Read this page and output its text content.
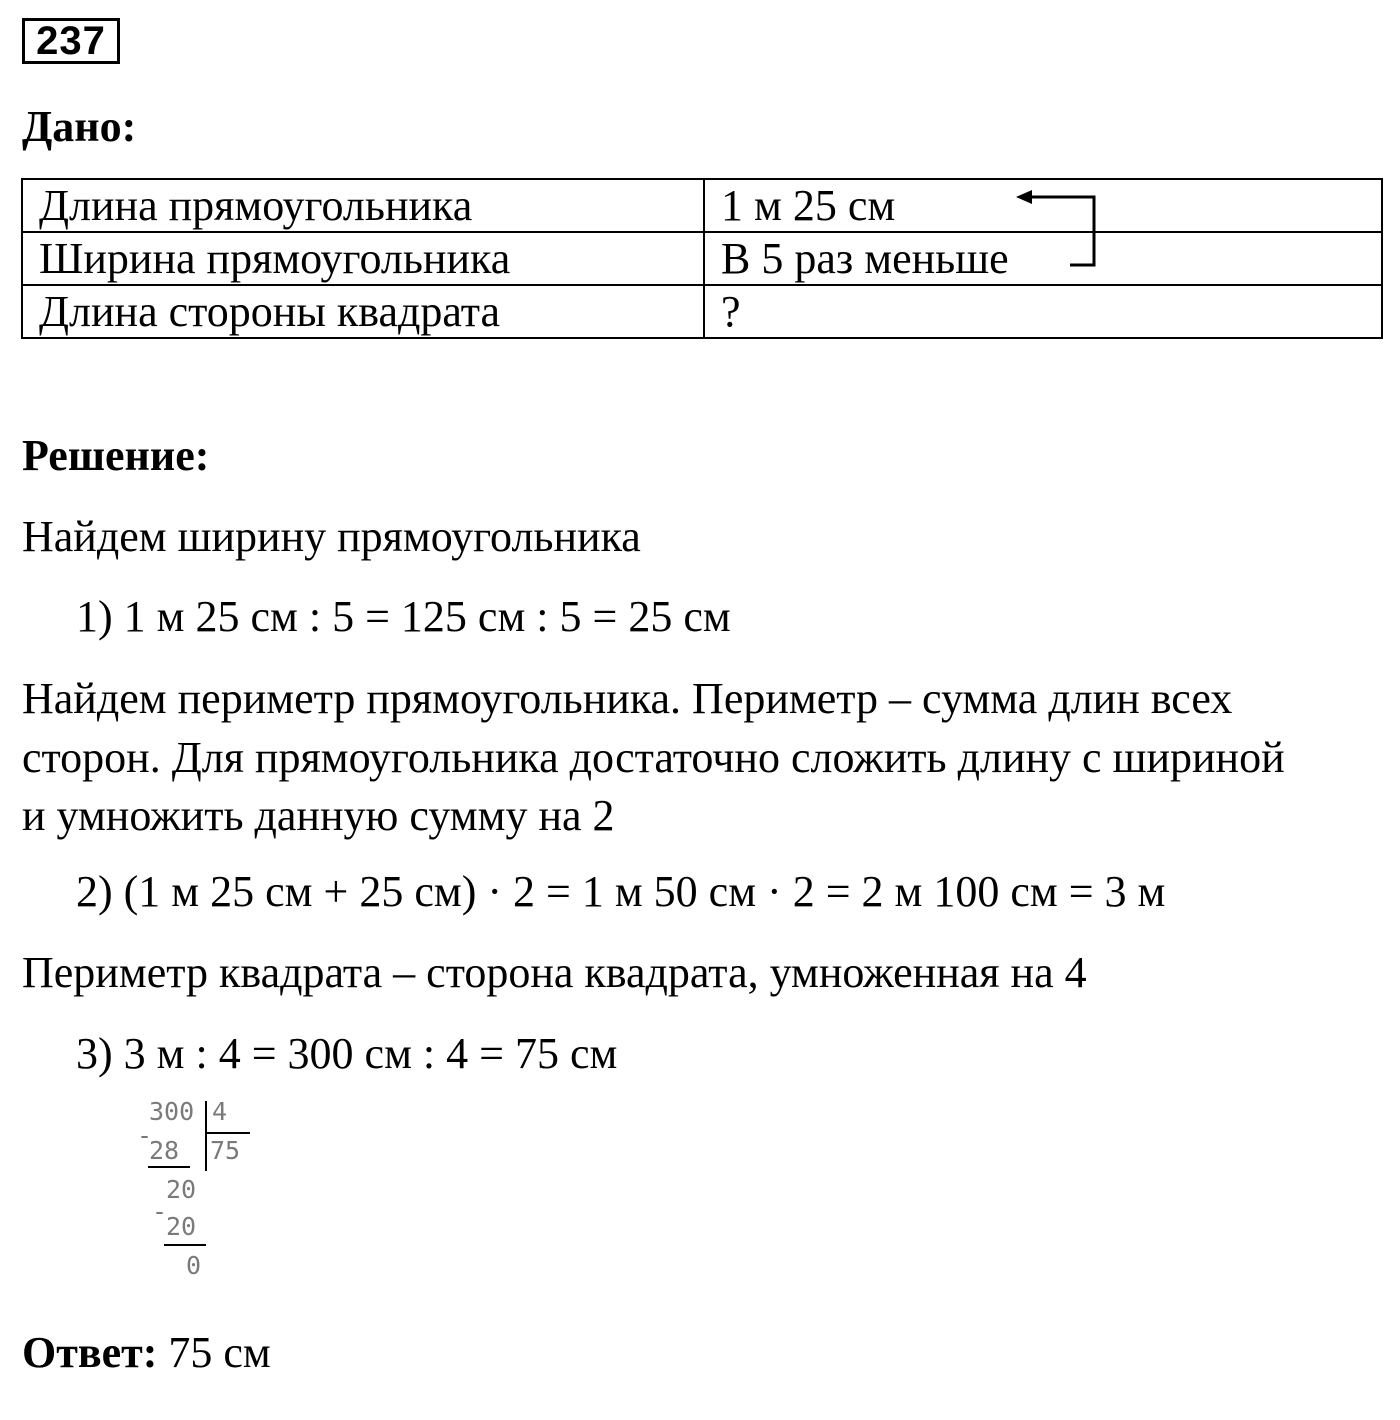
237
Дано:
Длина прямоугольника	1 м 25 см
Ширина прямоугольника	В 5 раз меньше
Длина стороны квадрата	?
Решение:
Найдем ширину прямоугольника
1) 1 м 25 см : 5 = 125 см : 5 = 25 см
Найдем периметр прямоугольника. Периметр – сумма длин всех
сторон. Для прямоугольника достаточно сложить длину с шириной
и умножить данную сумму на 2
2) (1 м 25 см + 25 см) · 2 = 1 м 50 см · 2 = 2 м 100 см = 3 м
Периметр квадрата – сторона квадрата, умноженная на 4
3) 3 м : 4 = 300 см : 4 = 75 см
300 4
-
28 75
20
-
20
0
Ответ: 75 см
